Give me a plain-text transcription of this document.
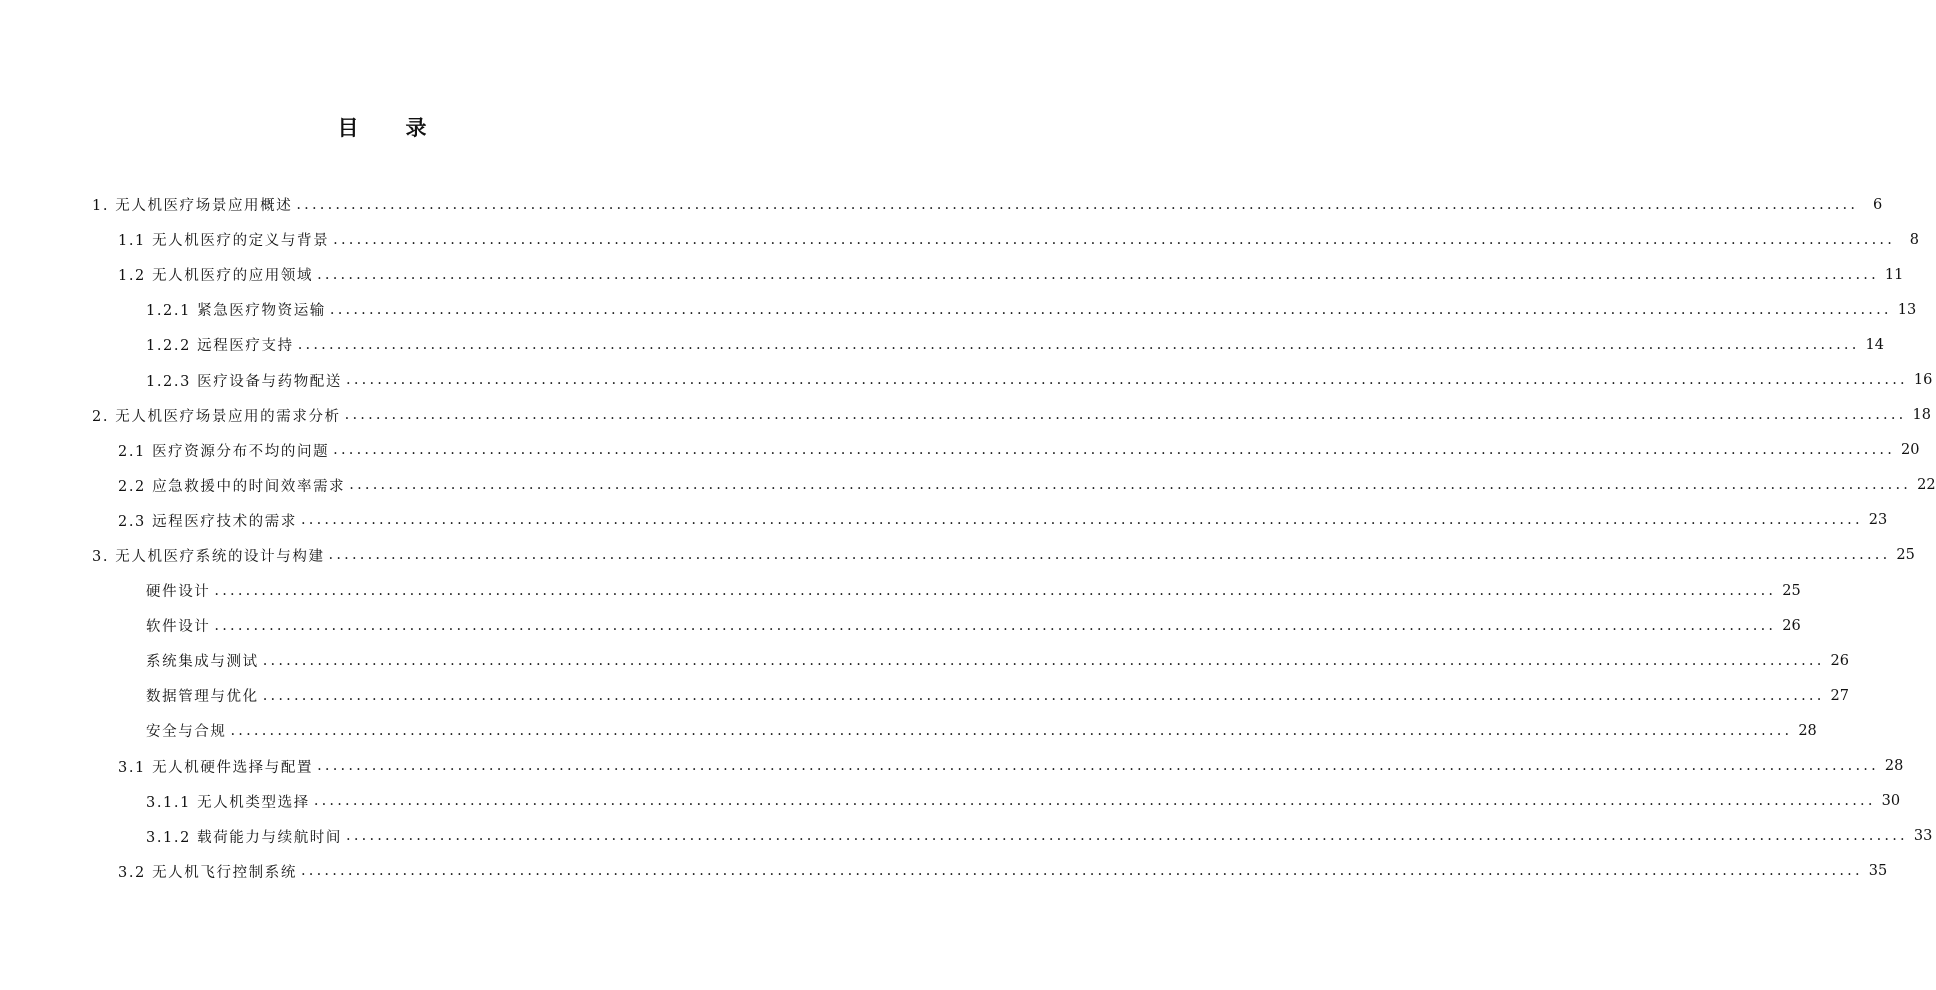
目 录
1. 无人机医疗场景应用概述 ........................................................................................................................................................................................................	6
1.1 无人机医疗的定义与背景 ........................................................................................................................................................................................................	8
1.2 无人机医疗的应用领域 ........................................................................................................................................................................................................ 11
1.2.1 紧急医疗物资运输 ........................................................................................................................................................................................................ 13
1.2.2 远程医疗支持 ........................................................................................................................................................................................................ 14
1.2.3 医疗设备与药物配送 ........................................................................................................................................................................................................ 16
2. 无人机医疗场景应用的需求分析 ........................................................................................................................................................................................................ 18
2.1 医疗资源分布不均的问题 ........................................................................................................................................................................................................ 20
2.2 应急救援中的时间效率需求 ........................................................................................................................................................................................................ 22
2.3 远程医疗技术的需求 ........................................................................................................................................................................................................ 23
3. 无人机医疗系统的设计与构建 ........................................................................................................................................................................................................ 25
硬件设计 ........................................................................................................................................................................................................ 25
软件设计 ........................................................................................................................................................................................................ 26
系统集成与测试 ........................................................................................................................................................................................................ 26
数据管理与优化 ........................................................................................................................................................................................................ 27
安全与合规 ........................................................................................................................................................................................................ 28
3.1 无人机硬件选择与配置 ........................................................................................................................................................................................................ 28
3.1.1 无人机类型选择 ........................................................................................................................................................................................................ 30
3.1.2 载荷能力与续航时间 ........................................................................................................................................................................................................ 33
3.2 无人机飞行控制系统 ........................................................................................................................................................................................................ 35
